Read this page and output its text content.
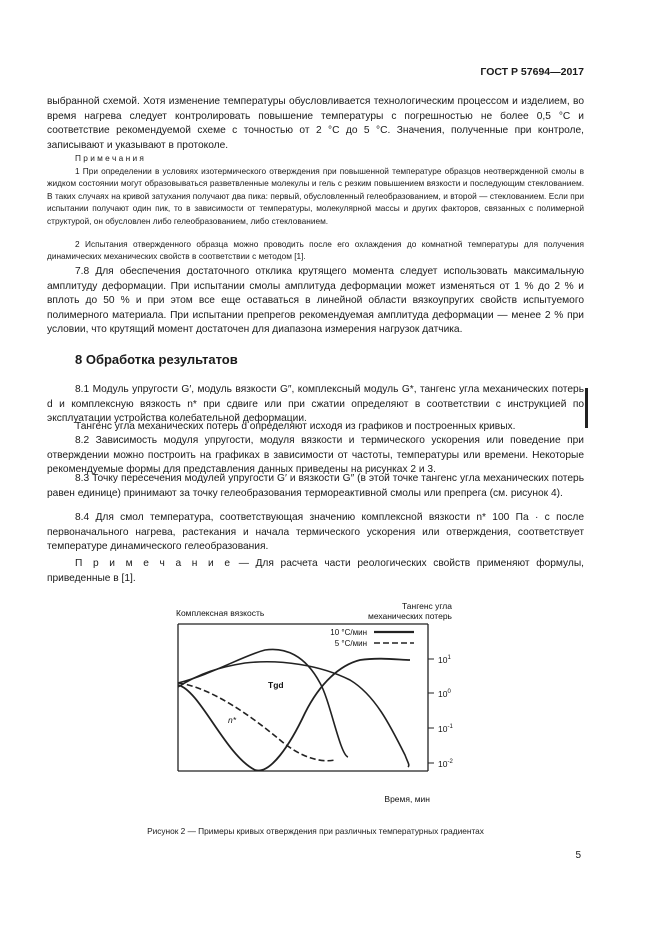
ГОСТ Р 57694—2017
выбранной схемой. Хотя изменение температуры обусловливается технологическим процессом и изделием, во время нагрева следует контролировать повышение температуры с погрешностью не более 0,5 °С и соответствие рекомендуемой схеме с точностью от 2 °С до 5 °С. Значения, полученные при контроле, записывают и указывают в протоколе.
П р и м е ч а н и я
1 При определении в условиях изотермического отверждения при повышенной температуре образцов неотвержденной смолы в жидком состоянии могут образовываться разветвленные молекулы и гель с резким повышением вязкости и последующим стеклованием. В таких случаях на кривой затухания получают два пика: первый, обусловленный гелеобразованием, и второй — стеклованием. Если при испытании получают один пик, то в зависимости от температуры, молекулярной массы и других факторов, связанных с полимерной структурой, он обусловлен либо гелеобразованием, либо стеклованием.
2 Испытания отвержденного образца можно проводить после его охлаждения до комнатной температуры для получения динамических механических свойств в соответствии с методом [1].
7.8 Для обеспечения достаточного отклика крутящего момента следует использовать максимальную амплитуду деформации. При испытании смолы амплитуда деформации может изменяться от 1 % до 2 % и вплоть до 50 % и при этом все еще оставаться в линейной области вязкоупругих свойств испытуемого полимерного материала. При испытании препрегов рекомендуемая амплитуда деформации — менее 2 % при условии, что крутящий момент достаточен для диапазона измерения нагрузок датчика.
8 Обработка результатов
8.1 Модуль упругости G′, модуль вязкости G″, комплексный модуль G*, тангенс угла механических потерь d и комплексную вязкость n* при сдвиге или при сжатии определяют в соответствии с инструкцией по эксплуатации устройства колебательной деформации.
Тангенс угла механических потерь d определяют исходя из графиков и построенных кривых.
8.2 Зависимость модуля упругости, модуля вязкости и термического ускорения или поведение при отверждении можно построить на графиках в зависимости от частоты, температуры или времени. Некоторые рекомендуемые формы для представления данных приведены на рисунках 2 и 3.
8.3 Точку пересечения модулей упругости G′ и вязкости G″ (в этой точке тангенс угла механических потерь равен единице) принимают за точку гелеобразования термореактивной смолы или препрега (см. рисунок 4).
8.4 Для смол температура, соответствующая значению комплексной вязкости n* 100 Па · с после первоначального нагрева, растекания и начала термического ускорения или отверждения, соответствует температуре динамического гелеобразования.
П р и м е ч а н и е — Для расчета части реологических свойств применяют формулы, приведенные в [1].
Комплексная вязкость
Тангенс угла
механических потерь
10 °С/мин
5 °С/мин
Tgd
n*
$10^1$
$10^0$
$10^{-1}$
$10^{-2}$
Время, мин
Рисунок 2 — Примеры кривых отверждения при различных температурных градиентах
5
